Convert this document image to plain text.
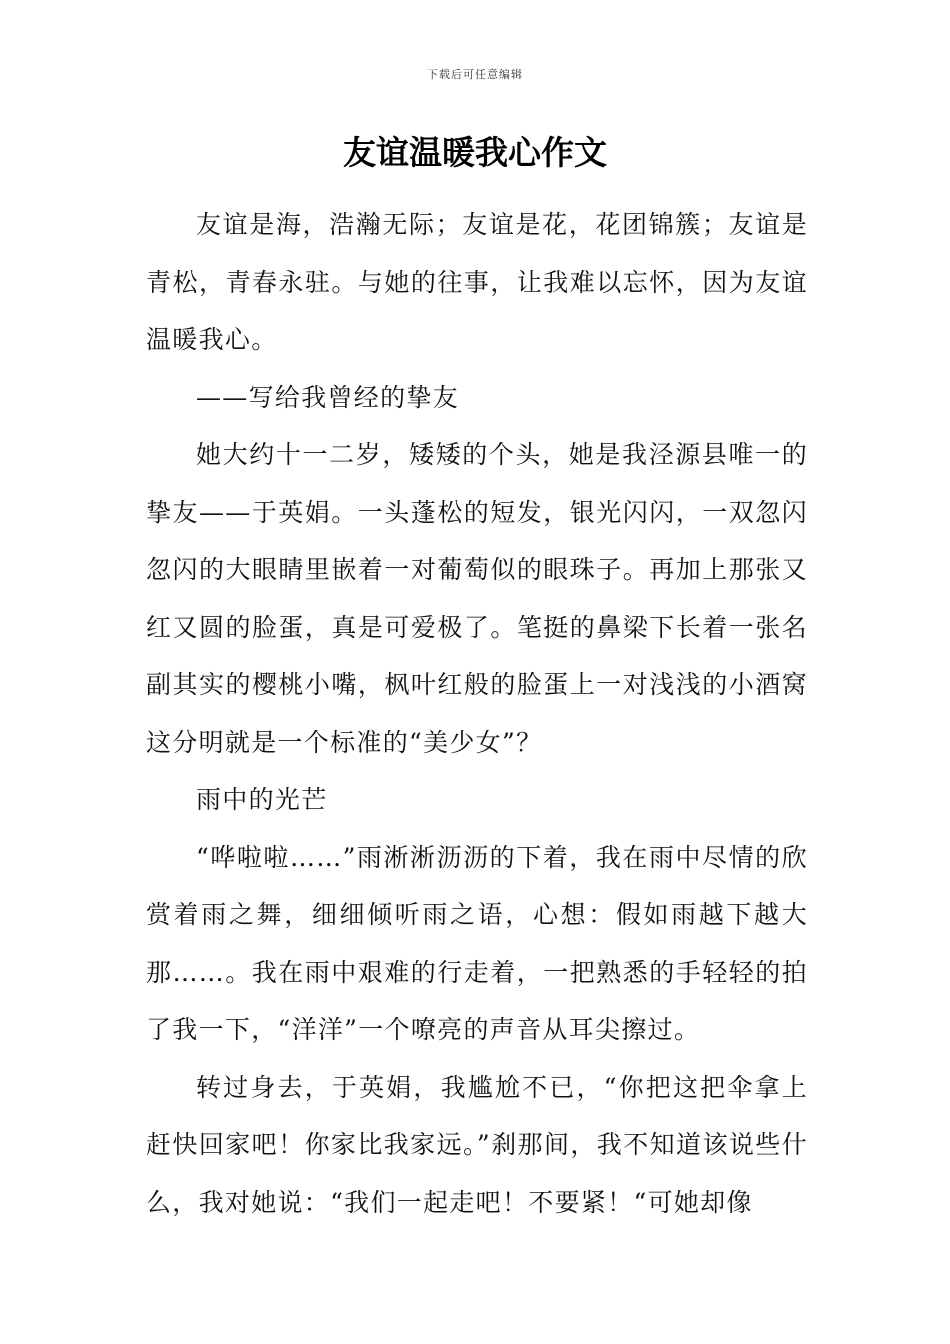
下载后可任意编辑
友谊温暖我心作文

友谊是海，浩瀚无际；友谊是花，花团锦簇；友谊是青松，青春永驻。与她的往事，让我难以忘怀，因为友谊温暖我心。

——写给我曾经的挚友

她大约十一二岁，矮矮的个头，她是我泾源县唯一的挚友——于英娟。一头蓬松的短发，银光闪闪，一双忽闪忽闪的大眼睛里嵌着一对葡萄似的眼珠子。再加上那张又红又圆的脸蛋，真是可爱极了。笔挺的鼻梁下长着一张名副其实的樱桃小嘴，枫叶红般的脸蛋上一对浅浅的小酒窝这分明就是一个标准的“美少女”？

雨中的光芒

“哗啦啦……”雨淅淅沥沥的下着，我在雨中尽情的欣赏着雨之舞，细细倾听雨之语，心想：假如雨越下越大那……。我在雨中艰难的行走着，一把熟悉的手轻轻的拍了我一下，“洋洋”一个嘹亮的声音从耳尖擦过。

转过身去，于英娟，我尴尬不已，“你把这把伞拿上赶快回家吧！你家比我家远。”刹那间，我不知道该说些什么，我对她说：“我们一起走吧！不要紧！“可她却像
